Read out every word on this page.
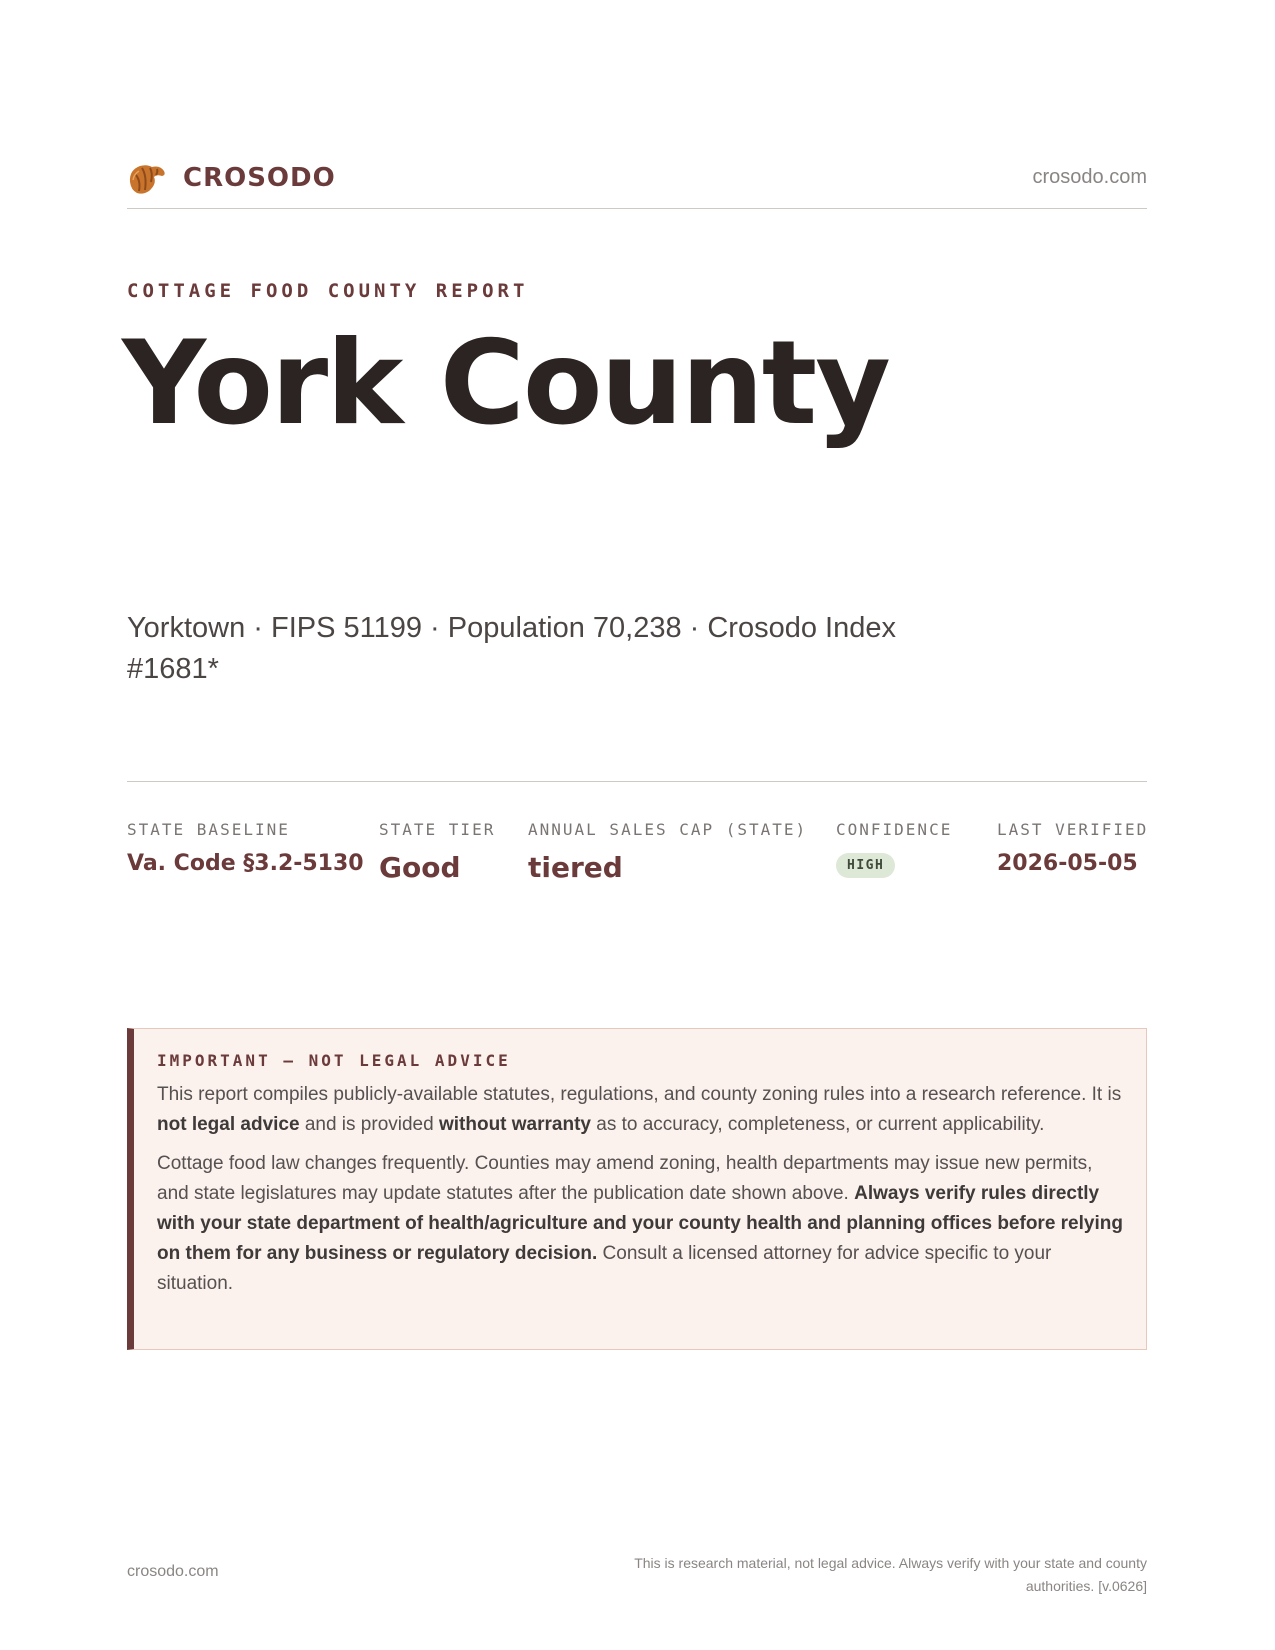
CROSODO	crosodo.com
COTTAGE FOOD COUNTY REPORT
York County
Yorktown · FIPS 51199 · Population 70,238 · Crosodo Index #1681*
STATE BASELINE
Va. Code §3.2-5130
STATE TIER
Good
ANNUAL SALES CAP (STATE)
tiered
CONFIDENCE
HIGH
LAST VERIFIED
2026-05-05
IMPORTANT — NOT LEGAL ADVICE

This report compiles publicly-available statutes, regulations, and county zoning rules into a research reference. It is not legal advice and is provided without warranty as to accuracy, completeness, or current applicability.

Cottage food law changes frequently. Counties may amend zoning, health departments may issue new permits, and state legislatures may update statutes after the publication date shown above. Always verify rules directly with your state department of health/agriculture and your county health and planning offices before relying on them for any business or regulatory decision. Consult a licensed attorney for advice specific to your situation.

crosodo.com	This is research material, not legal advice. Always verify with your state and county authorities. [v.0626]
